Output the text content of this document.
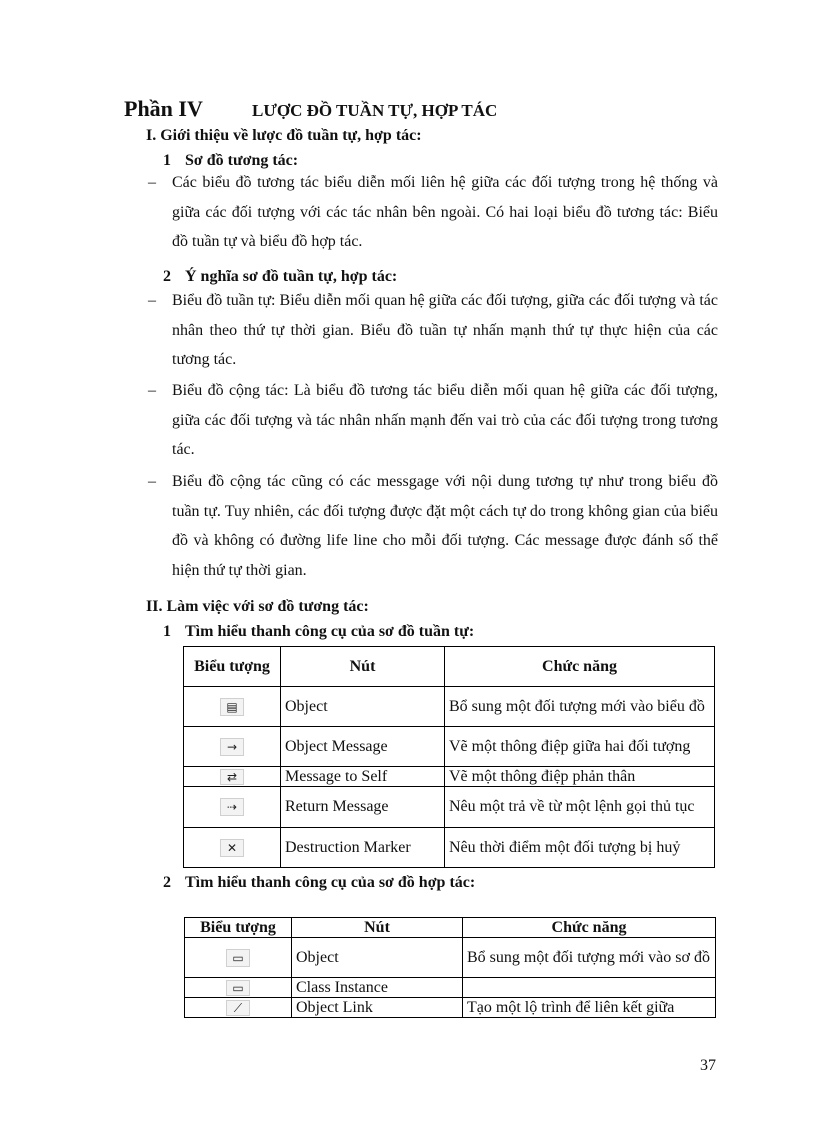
Phần IV	LƯỢC ĐỒ TUẦN TỰ, HỢP TÁC
I. Giới thiệu về lược đồ tuần tự, hợp tác:
1 Sơ đồ tương tác:
– Các biểu đồ tương tác biểu diễn mối liên hệ giữa các đối tượng trong hệ thống và giữa các đối tượng với các tác nhân bên ngoài. Có hai loại biểu đồ tương tác: Biểu đồ tuần tự và biểu đồ hợp tác.
2 Ý nghĩa sơ đồ tuần tự, hợp tác:
– Biểu đồ tuần tự: Biểu diễn mối quan hệ giữa các đối tượng, giữa các đối tượng và tác nhân theo thứ tự thời gian. Biểu đồ tuần tự nhấn mạnh thứ tự thực hiện của các tương tác.
– Biểu đồ cộng tác: Là biểu đồ tương tác biểu diễn mối quan hệ giữa các đối tượng, giữa các đối tượng và tác nhân nhấn mạnh đến vai trò của các đối tượng trong tương tác.
– Biểu đồ cộng tác cũng có các messgage với nội dung tương tự như trong biểu đồ tuần tự. Tuy nhiên, các đối tượng được đặt một cách tự do trong không gian của biểu đồ và không có đường life line cho mỗi đối tượng. Các message được đánh số thể hiện thứ tự thời gian.
II. Làm việc với sơ đồ tương tác:
1 Tìm hiểu thanh công cụ của sơ đồ tuần tự:
Biểu tượng	Nút	Chức năng
▤	Object	Bổ sung một đối tượng mới vào biểu đồ
→	Object Message	Vẽ một thông điệp giữa hai đối tượng
⇄	Message to Self	Vẽ một thông điệp phản thân
⇢	Return Message	Nêu một trả về từ một lệnh gọi thủ tục
✕	Destruction Marker	Nêu thời điểm một đối tượng bị huỷ
2 Tìm hiểu thanh công cụ của sơ đồ hợp tác:
Biểu tượng	Nút	Chức năng
▭	Object	Bổ sung một đối tượng mới vào sơ đồ
▭	Class Instance	
⟋	Object Link	Tạo một lộ trình để liên kết giữa
37
